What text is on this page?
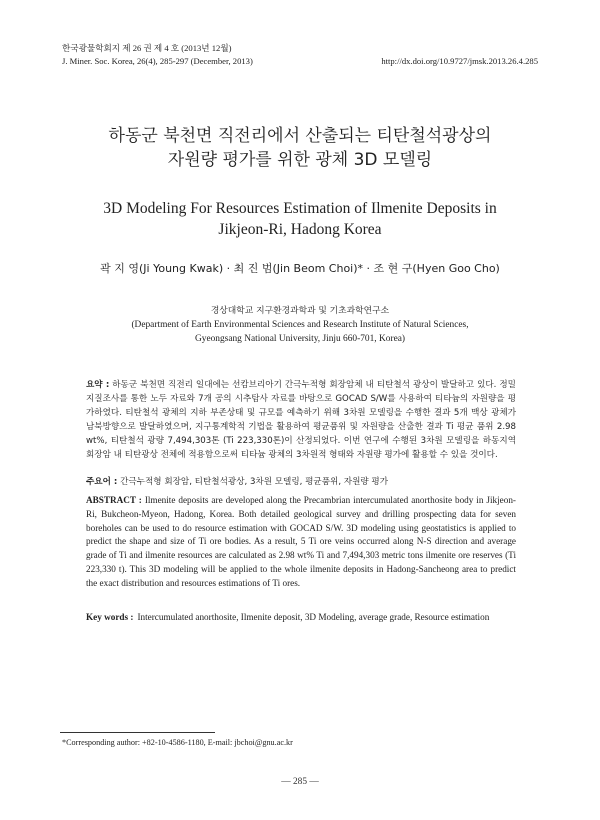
한국광물학회지 제 26 권 제 4 호 (2013년 12월)
J. Miner. Soc. Korea, 26(4), 285-297 (December, 2013)	http://dx.doi.org/10.9727/jmsk.2013.26.4.285
하동군 북천면 직전리에서 산출되는 티탄철석광상의
자원량 평가를 위한 광체 3D 모델링
3D Modeling For Resources Estimation of Ilmenite Deposits in
Jikjeon-Ri, Hadong Korea
곽 지 영(Ji Young Kwak) · 최 진 범(Jin Beom Choi)* · 조 현 구(Hyen Goo Cho)
경상대학교 지구환경과학과 및 기초과학연구소
(Department of Earth Environmental Sciences and Research Institute of Natural Sciences,
Gyeongsang National University, Jinju 660-701, Korea)
요약 : 하동군 북천면 직전리 일대에는 선캄브리아기 간극누적형 회장암체 내 티탄철석 광상이 발달하고 있다. 정밀 지질조사를 통한 노두 자료와 7개 공의 시추탐사 자료를 바탕으로 GOCAD S/W를 사용하여 티타늄의 자원량을 평가하였다. 티탄철석 광체의 지하 부존상태 및 규모를 예측하기 위해 3차원 모델링을 수행한 결과 5개 맥상 광체가 남북방향으로 발달하였으며, 지구통계학적 기법을 활용하여 평균품위 및 자원량을 산출한 결과 Ti 평균 품위 2.98 wt%, 티탄철석 광량 7,494,303톤 (Ti 223,330톤)이 산정되었다. 이번 연구에 수행된 3차원 모델링을 하동지역 회장암 내 티탄광상 전체에 적용함으로써 티타늄 광체의 3차원적 형태와 자원량 평가에 활용할 수 있을 것이다.
주요어 : 간극누적형 회장암, 티탄철석광상, 3차원 모델링, 평균품위, 자원량 평가
ABSTRACT : Ilmenite deposits are developed along the Precambrian intercumulated anorthosite body in Jikjeon-Ri, Bukcheon-Myeon, Hadong, Korea. Both detailed geological survey and drilling prospecting data for seven boreholes can be used to do resource estimation with GOCAD S/W. 3D modeling using geostatistics is applied to predict the shape and size of Ti ore bodies. As a result, 5 Ti ore veins occurred along N-S direction and average grade of Ti and ilmenite resources are calculated as 2.98 wt% Ti and 7,494,303 metric tons ilmenite ore reserves (Ti 223,330 t). This 3D modeling will be applied to the whole ilmenite deposits in Hadong-Sancheong area to predict the exact distribution and resources estimations of Ti ores.
Key words : Intercumulated anorthosite, Ilmenite deposit, 3D Modeling, average grade, Resource estimation
*Corresponding author: +82-10-4586-1180, E-mail: jbchoi@gnu.ac.kr
— 285 —
